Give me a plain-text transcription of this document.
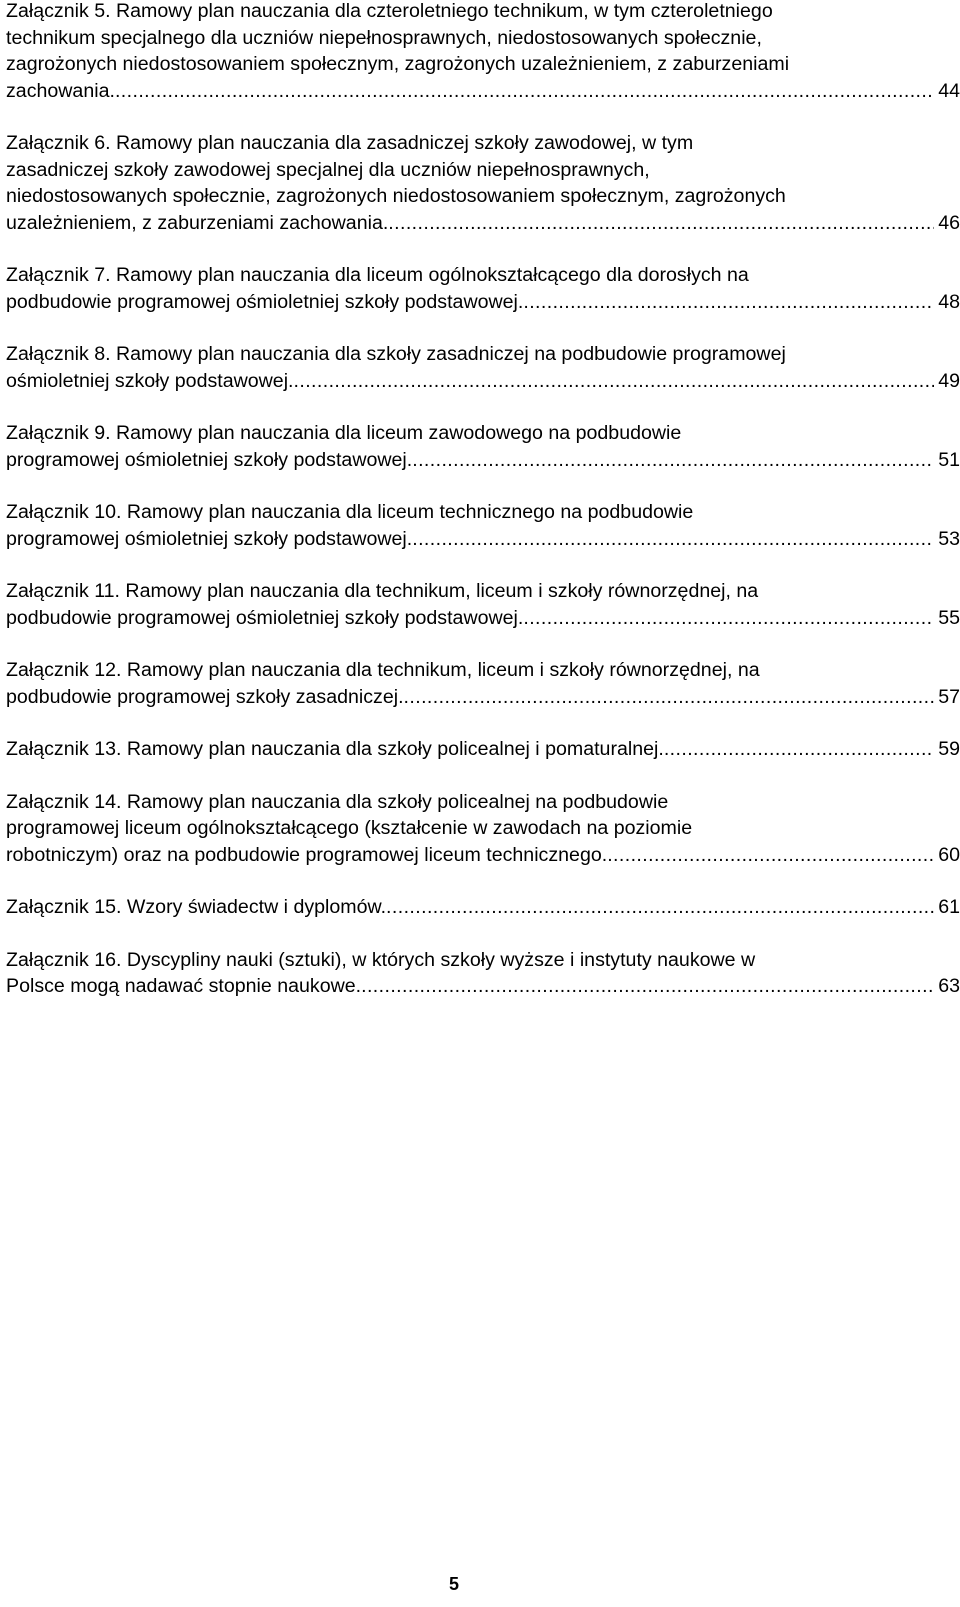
Załącznik 5. Ramowy plan nauczania dla czteroletniego technikum, w tym czteroletniego
technikum specjalnego dla uczniów niepełnosprawnych, niedostosowanych społecznie,
zagrożonych niedostosowaniem społecznym, zagrożonych uzależnieniem, z zaburzeniami
zachowania. .....	44
Załącznik 6. Ramowy plan nauczania dla zasadniczej szkoły zawodowej, w tym
zasadniczej szkoły zawodowej specjalnej dla uczniów niepełnosprawnych,
niedostosowanych społecznie, zagrożonych niedostosowaniem społecznym, zagrożonych
uzależnieniem, z zaburzeniami zachowania. .....	46
Załącznik 7. Ramowy plan nauczania dla liceum ogólnokształcącego dla dorosłych na
podbudowie programowej ośmioletniej szkoły podstawowej. .....	48
Załącznik 8. Ramowy plan nauczania dla szkoły zasadniczej na podbudowie programowej
ośmioletniej szkoły podstawowej. .....	49
Załącznik 9. Ramowy plan nauczania dla liceum zawodowego na podbudowie
programowej ośmioletniej szkoły podstawowej. .....	51
Załącznik 10. Ramowy plan nauczania dla liceum technicznego na podbudowie
programowej ośmioletniej szkoły podstawowej. .....	53
Załącznik 11. Ramowy plan nauczania dla technikum, liceum i szkoły równorzędnej, na
podbudowie programowej ośmioletniej szkoły podstawowej. .....	55
Załącznik 12. Ramowy plan nauczania dla technikum, liceum i szkoły równorzędnej, na
podbudowie programowej szkoły zasadniczej. .....	57
Załącznik 13. Ramowy plan nauczania dla szkoły policealnej i pomaturalnej. .....	59
Załącznik 14. Ramowy plan nauczania dla szkoły policealnej na podbudowie
programowej liceum ogólnokształcącego (kształcenie w zawodach na poziomie
robotniczym) oraz na podbudowie programowej liceum technicznego. .....	60
Załącznik 15. Wzory świadectw i dyplomów. .....	61
Załącznik 16. Dyscypliny nauki (sztuki), w których szkoły wyższe i instytuty naukowe w
Polsce mogą nadawać stopnie naukowe. .....	63
5
